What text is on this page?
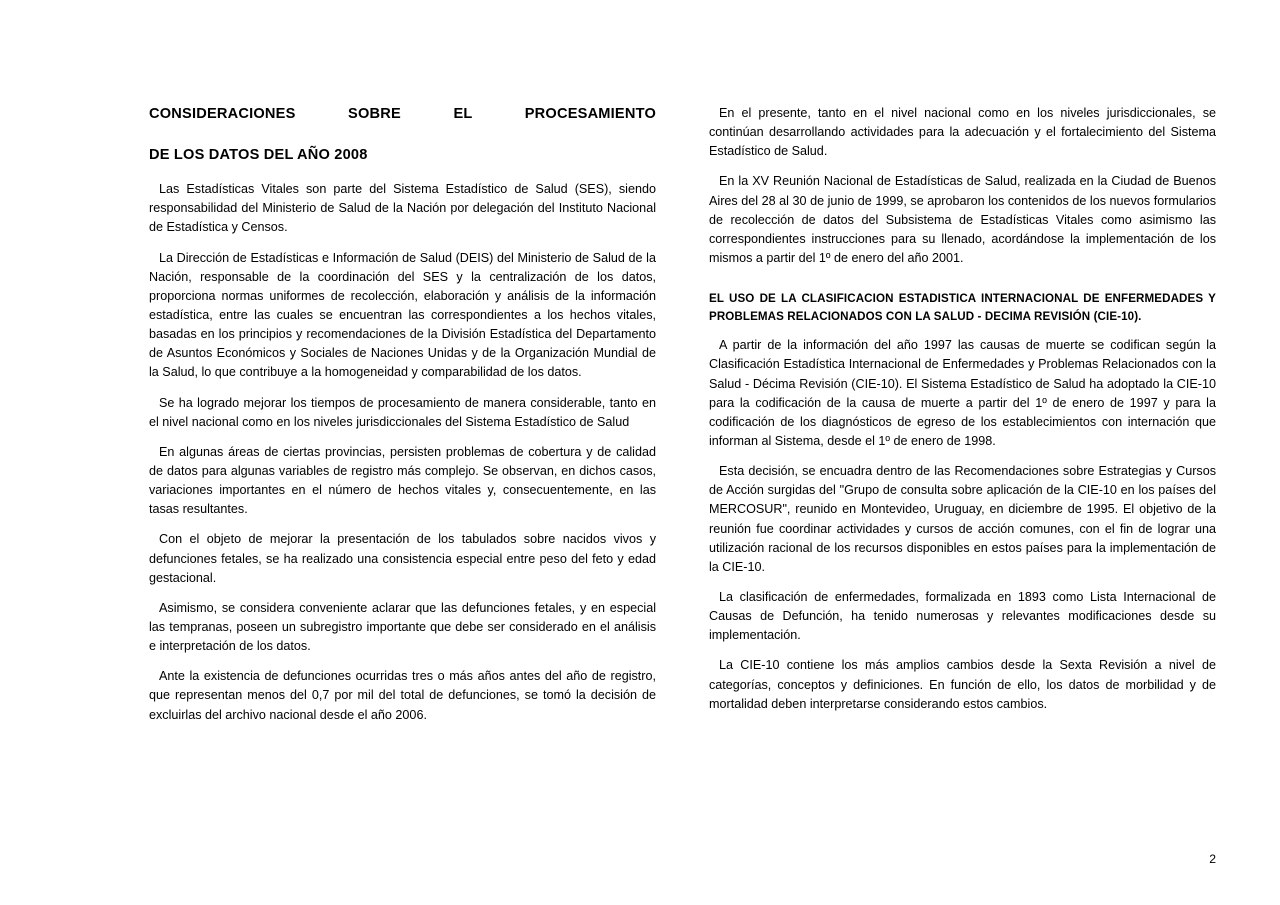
CONSIDERACIONES SOBRE EL PROCESAMIENTO
DE LOS DATOS DEL AÑO 2008

Las Estadísticas Vitales son parte del Sistema Estadístico de Salud (SES), siendo responsabilidad del Ministerio de Salud de la Nación por delegación del Instituto Nacional de Estadística y Censos.

La Dirección de Estadísticas e Información de Salud (DEIS) del Ministerio de Salud de la Nación, responsable de la coordinación del SES y la centralización de los datos, proporciona normas uniformes de recolección, elaboración y análisis de la información estadística, entre las cuales se encuentran las correspondientes a los hechos vitales, basadas en los principios y recomendaciones de la División Estadística del Departamento de Asuntos Económicos y Sociales de Naciones Unidas y de la Organización Mundial de la Salud, lo que contribuye a la homogeneidad y comparabilidad de los datos.

Se ha logrado mejorar los tiempos de procesamiento de manera considerable, tanto en el nivel nacional como en los niveles jurisdiccionales del Sistema Estadístico de Salud

En algunas áreas de ciertas provincias, persisten problemas de cobertura y de calidad de datos para algunas variables de registro más complejo. Se observan, en dichos casos, variaciones importantes en el número de hechos vitales y, consecuentemente, en las tasas resultantes.

Con el objeto de mejorar la presentación de los tabulados sobre nacidos vivos y defunciones fetales, se ha realizado una consistencia especial entre peso del feto y edad gestacional.

Asimismo, se considera conveniente aclarar que las defunciones fetales, y en especial las tempranas, poseen un subregistro importante que debe ser considerado en el análisis e interpretación de los datos.

Ante la existencia de defunciones ocurridas tres o más años antes del año de registro, que representan menos del 0,7 por mil del total de defunciones, se tomó la decisión de excluirlas del archivo nacional desde el año 2006.

En el presente, tanto en el nivel nacional como en los niveles jurisdiccionales, se continúan desarrollando actividades para la adecuación y el fortalecimiento del Sistema Estadístico de Salud.

En la XV Reunión Nacional de Estadísticas de Salud, realizada en la Ciudad de Buenos Aires del 28 al 30 de junio de 1999, se aprobaron los contenidos de los nuevos formularios de recolección de datos del Subsistema de Estadísticas Vitales como asimismo las correspondientes instrucciones para su llenado, acordándose la implementación de los mismos a partir del 1º de enero del año 2001.

EL USO DE LA CLASIFICACION ESTADISTICA INTERNACIONAL DE ENFERMEDADES Y PROBLEMAS RELACIONADOS CON LA SALUD - DECIMA REVISIÓN (CIE-10).

A partir de la información del año 1997 las causas de muerte se codifican según la Clasificación Estadística Internacional de Enfermedades y Problemas Relacionados con la Salud - Décima Revisión (CIE-10). El Sistema Estadístico de Salud ha adoptado la CIE-10 para la codificación de la causa de muerte a partir del 1º de enero de 1997 y para la codificación de los diagnósticos de egreso de los establecimientos con internación que informan al Sistema, desde el 1º de enero de 1998.

Esta decisión, se encuadra dentro de las Recomendaciones sobre Estrategias y Cursos de Acción surgidas del "Grupo de consulta sobre aplicación de la CIE-10 en los países del MERCOSUR", reunido en Montevideo, Uruguay, en diciembre de 1995. El objetivo de la reunión fue coordinar actividades y cursos de acción comunes, con el fin de lograr una utilización racional de los recursos disponibles en estos países para la implementación de la CIE-10.

La clasificación de enfermedades, formalizada en 1893 como Lista Internacional de Causas de Defunción, ha tenido numerosas y relevantes modificaciones desde su implementación.

La CIE-10 contiene los más amplios cambios desde la Sexta Revisión a nivel de categorías, conceptos y definiciones. En función de ello, los datos de morbilidad y de mortalidad deben interpretarse considerando estos cambios.

2
